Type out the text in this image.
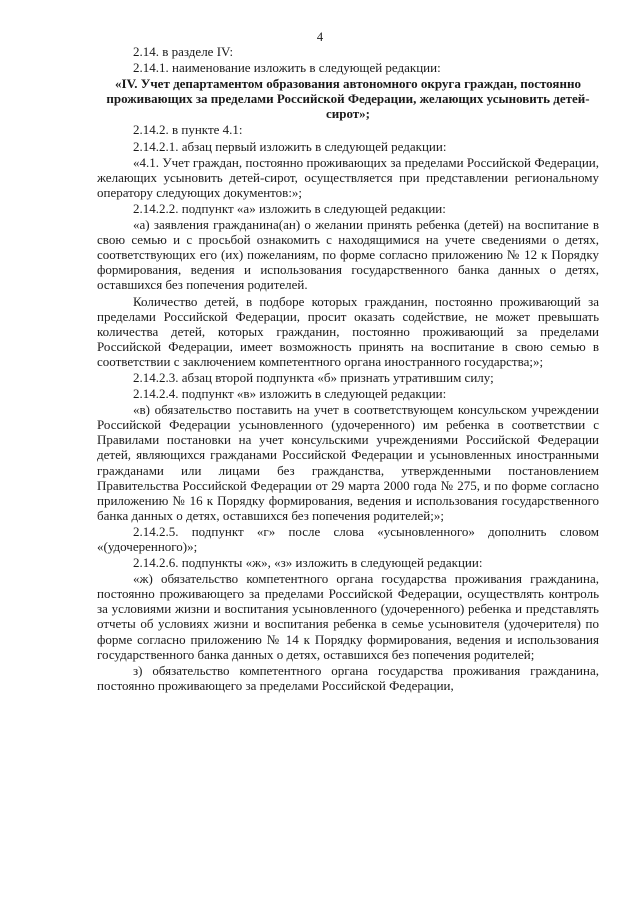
4

2.14. в разделе IV:

2.14.1. наименование изложить в следующей редакции:

«IV. Учет департаментом образования автономного округа граждан, постоянно проживающих за пределами Российской Федерации, желающих усыновить детей-сирот»;

2.14.2. в пункте 4.1:

2.14.2.1. абзац первый изложить в следующей редакции:

«4.1. Учет граждан, постоянно проживающих за пределами Российской Федерации, желающих усыновить детей-сирот, осуществляется при представлении региональному оператору следующих документов:»;

2.14.2.2. подпункт «а» изложить в следующей редакции:

«а) заявления гражданина(ан) о желании принять ребенка (детей) на воспитание в свою семью и с просьбой ознакомить с находящимися на учете сведениями о детях, соответствующих его (их) пожеланиям, по форме согласно приложению № 12 к Порядку формирования, ведения и использования государственного банка данных о детях, оставшихся без попечения родителей.

Количество детей, в подборе которых гражданин, постоянно проживающий за пределами Российской Федерации, просит оказать содействие, не может превышать количества детей, которых гражданин, постоянно проживающий за пределами Российской Федерации, имеет возможность принять на воспитание в свою семью в соответствии с заключением компетентного органа иностранного государства;»;

2.14.2.3. абзац второй подпункта «б» признать утратившим силу;

2.14.2.4. подпункт «в» изложить в следующей редакции:

«в) обязательство поставить на учет в соответствующем консульском учреждении Российской Федерации усыновленного (удочеренного) им ребенка в соответствии с Правилами постановки на учет консульскими учреждениями Российской Федерации детей, являющихся гражданами Российской Федерации и усыновленных иностранными гражданами или лицами без гражданства, утвержденными постановлением Правительства Российской Федерации от 29 марта 2000 года № 275, и по форме согласно приложению № 16 к Порядку формирования, ведения и использования государственного банка данных о детях, оставшихся без попечения родителей;»;

2.14.2.5. подпункт «г» после слова «усыновленного» дополнить словом «(удочеренного)»;

2.14.2.6. подпункты «ж», «з» изложить в следующей редакции:

«ж) обязательство компетентного органа государства проживания гражданина, постоянно проживающего за пределами Российской Федерации, осуществлять контроль за условиями жизни и воспитания усыновленного (удочеренного) ребенка и представлять отчеты об условиях жизни и воспитания ребенка в семье усыновителя (удочерителя) по форме согласно приложению № 14 к Порядку формирования, ведения и использования государственного банка данных о детях, оставшихся без попечения родителей;

з) обязательство компетентного органа государства проживания гражданина, постоянно проживающего за пределами Российской Федерации,
